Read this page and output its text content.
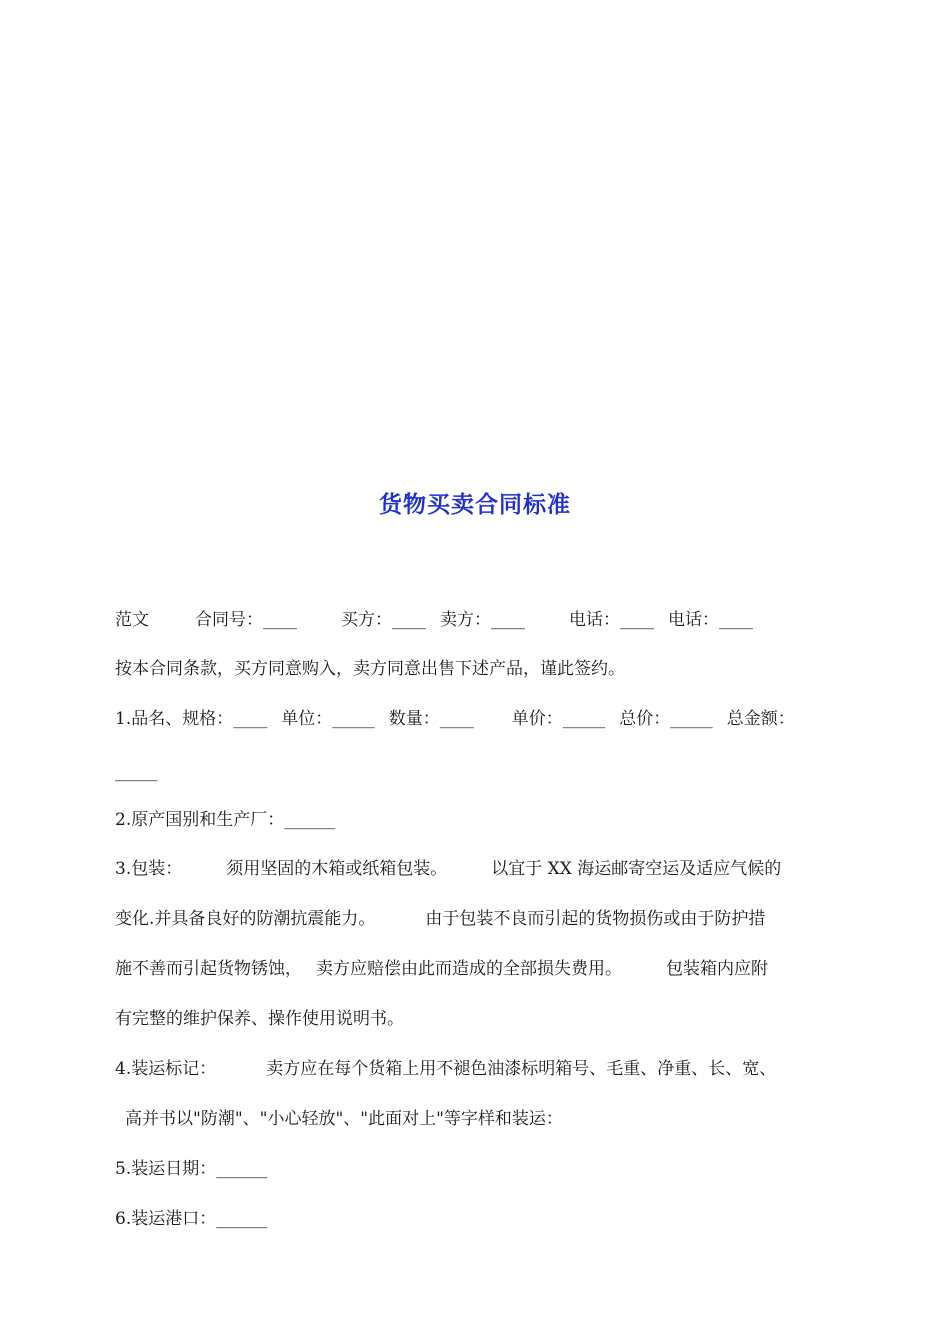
货物买卖合同标准
范文	合同号：____	买方：____ 卖方：____	电话：____ 电话：____
按本合同条款，买方同意购入，卖方同意出售下述产品，谨此签约。
1.品名、规格：____ 单位：_____ 数量：____ 单价：_____ 总价：_____ 总金额：
_____
2.原产国别和生产厂：______
3.包装：	须用坚固的木箱或纸箱包装。	以宜于 XX 海运邮寄空运及适应气候的
变化.并具备良好的防潮抗震能力。	由于包装不良而引起的货物损伤或由于防护措
施不善而引起货物锈蚀， 卖方应赔偿由此而造成的全部损失费用。	包装箱内应附
有完整的维护保养、操作使用说明书。
4.装运标记：	卖方应在每个货箱上用不褪色油漆标明箱号、毛重、净重、长、宽、
高并书以"防潮"、"小心轻放"、"此面对上"等字样和装运：
5.装运日期：______
6.装运港口：______
